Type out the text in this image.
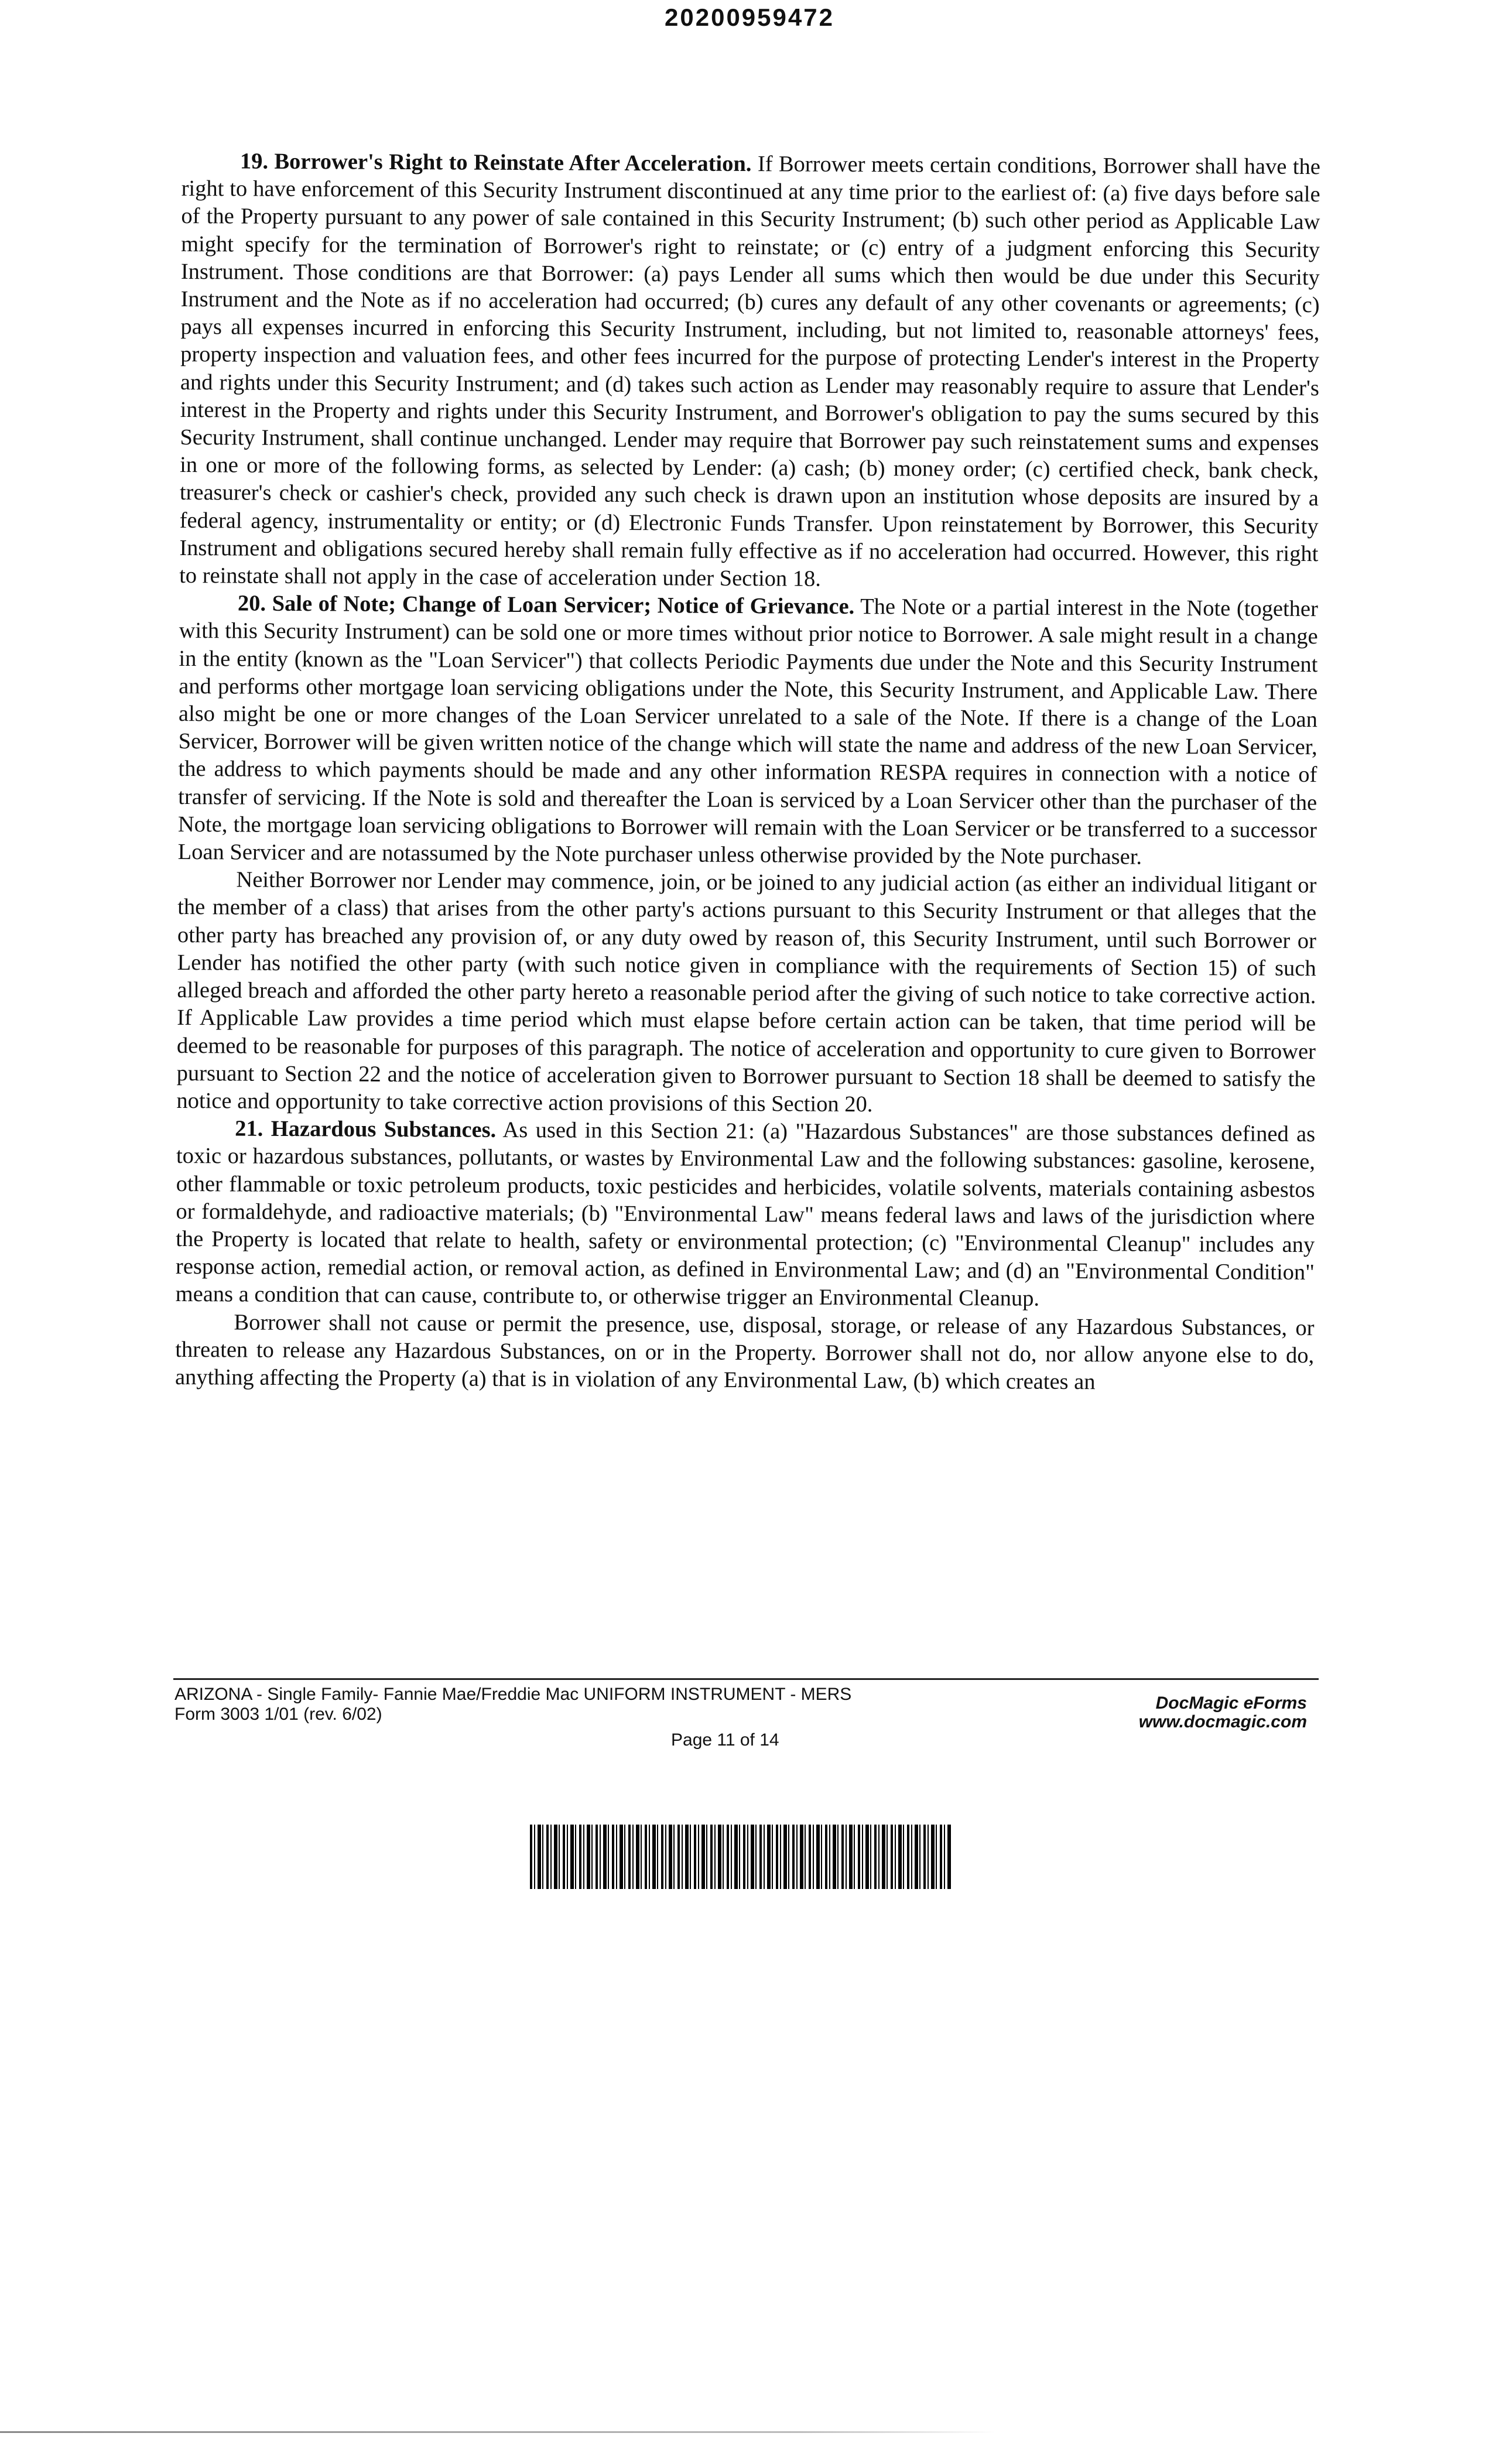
20200959472

19. Borrower's Right to Reinstate After Acceleration. If Borrower meets certain conditions, Borrower shall have the right to have enforcement of this Security Instrument discontinued at any time prior to the earliest of: (a) five days before sale of the Property pursuant to any power of sale contained in this Security Instrument; (b) such other period as Applicable Law might specify for the termination of Borrower's right to reinstate; or (c) entry of a judgment enforcing this Security Instrument. Those conditions are that Borrower: (a) pays Lender all sums which then would be due under this Security Instrument and the Note as if no acceleration had occurred; (b) cures any default of any other covenants or agreements; (c) pays all expenses incurred in enforcing this Security Instrument, including, but not limited to, reasonable attorneys' fees, property inspection and valuation fees, and other fees incurred for the purpose of protecting Lender's interest in the Property and rights under this Security Instrument; and (d) takes such action as Lender may reasonably require to assure that Lender's interest in the Property and rights under this Security Instrument, and Borrower's obligation to pay the sums secured by this Security Instrument, shall continue unchanged. Lender may require that Borrower pay such reinstatement sums and expenses in one or more of the following forms, as selected by Lender: (a) cash; (b) money order; (c) certified check, bank check, treasurer's check or cashier's check, provided any such check is drawn upon an institution whose deposits are insured by a federal agency, instrumentality or entity; or (d) Electronic Funds Transfer. Upon reinstatement by Borrower, this Security Instrument and obligations secured hereby shall remain fully effective as if no acceleration had occurred. However, this right to reinstate shall not apply in the case of acceleration under Section 18.

20. Sale of Note; Change of Loan Servicer; Notice of Grievance. The Note or a partial interest in the Note (together with this Security Instrument) can be sold one or more times without prior notice to Borrower. A sale might result in a change in the entity (known as the "Loan Servicer") that collects Periodic Payments due under the Note and this Security Instrument and performs other mortgage loan servicing obligations under the Note, this Security Instrument, and Applicable Law. There also might be one or more changes of the Loan Servicer unrelated to a sale of the Note. If there is a change of the Loan Servicer, Borrower will be given written notice of the change which will state the name and address of the new Loan Servicer, the address to which payments should be made and any other information RESPA requires in connection with a notice of transfer of servicing. If the Note is sold and thereafter the Loan is serviced by a Loan Servicer other than the purchaser of the Note, the mortgage loan servicing obligations to Borrower will remain with the Loan Servicer or be transferred to a successor Loan Servicer and are notassumed by the Note purchaser unless otherwise provided by the Note purchaser.

Neither Borrower nor Lender may commence, join, or be joined to any judicial action (as either an individual litigant or the member of a class) that arises from the other party's actions pursuant to this Security Instrument or that alleges that the other party has breached any provision of, or any duty owed by reason of, this Security Instrument, until such Borrower or Lender has notified the other party (with such notice given in compliance with the requirements of Section 15) of such alleged breach and afforded the other party hereto a reasonable period after the giving of such notice to take corrective action. If Applicable Law provides a time period which must elapse before certain action can be taken, that time period will be deemed to be reasonable for purposes of this paragraph. The notice of acceleration and opportunity to cure given to Borrower pursuant to Section 22 and the notice of acceleration given to Borrower pursuant to Section 18 shall be deemed to satisfy the notice and opportunity to take corrective action provisions of this Section 20.

21. Hazardous Substances. As used in this Section 21: (a) "Hazardous Substances" are those substances defined as toxic or hazardous substances, pollutants, or wastes by Environmental Law and the following substances: gasoline, kerosene, other flammable or toxic petroleum products, toxic pesticides and herbicides, volatile solvents, materials containing asbestos or formaldehyde, and radioactive materials; (b) "Environmental Law" means federal laws and laws of the jurisdiction where the Property is located that relate to health, safety or environmental protection; (c) "Environmental Cleanup" includes any response action, remedial action, or removal action, as defined in Environmental Law; and (d) an "Environmental Condition" means a condition that can cause, contribute to, or otherwise trigger an Environmental Cleanup.

Borrower shall not cause or permit the presence, use, disposal, storage, or release of any Hazardous Substances, or threaten to release any Hazardous Substances, on or in the Property. Borrower shall not do, nor allow anyone else to do, anything affecting the Property (a) that is in violation of any Environmental Law, (b) which creates an

ARIZONA - Single Family- Fannie Mae/Freddie Mac UNIFORM INSTRUMENT - MERS
Form 3003 1/01 (rev. 6/02)
DocMagic eForms
www.docmagic.com
Page 11 of 14
